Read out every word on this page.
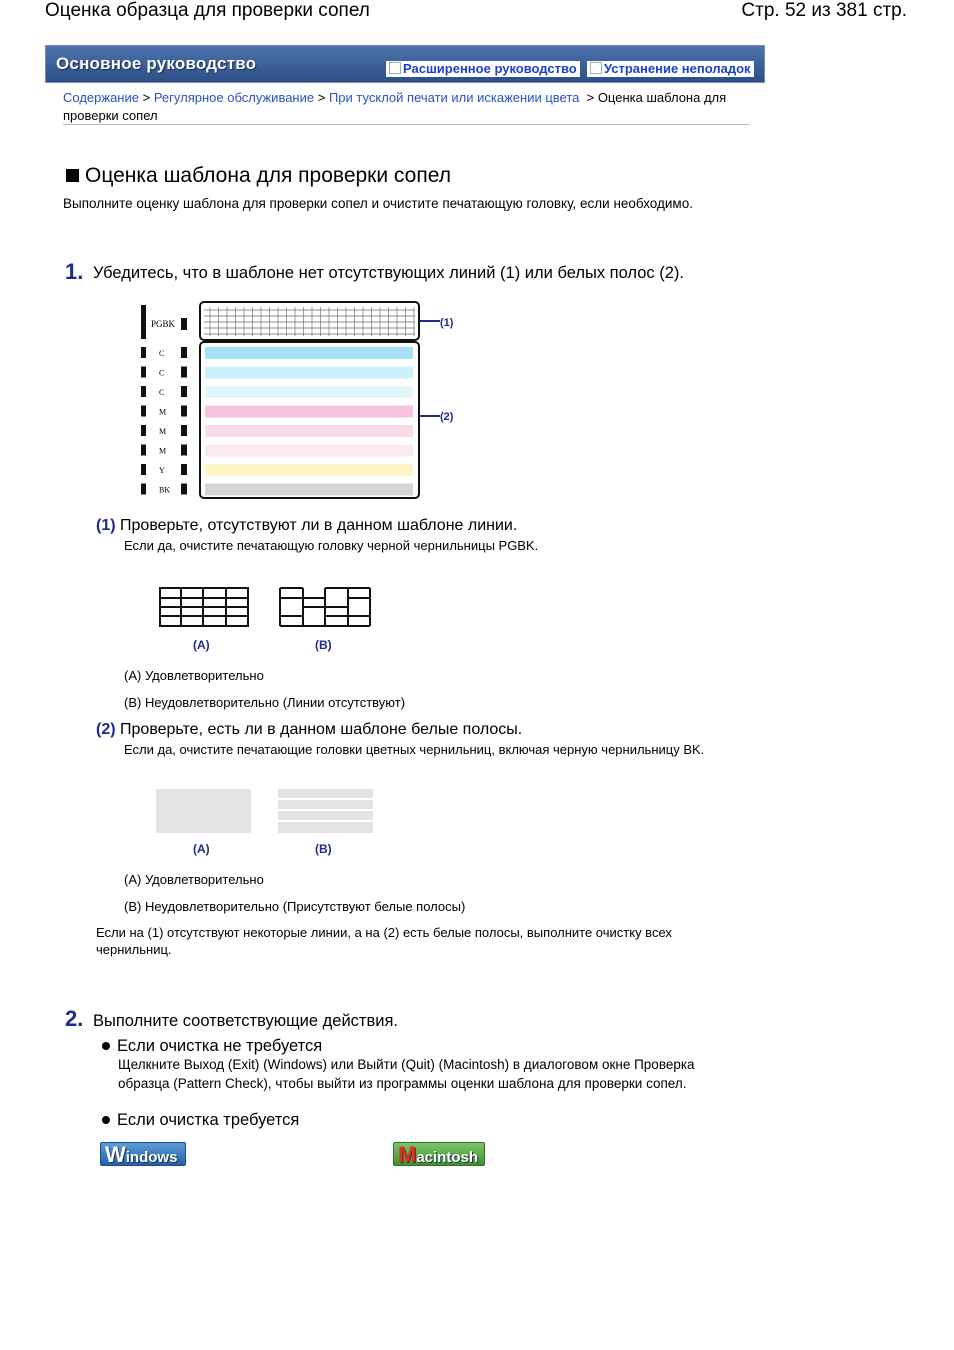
Оценка образца для проверки сопел	Стр. 52 из 381 стр.
Основное руководство	Расширенное руководство	Устранение неполадок
Содержание > Регулярное обслуживание > При тусклой печати или искажении цвета > Оценка шаблона для проверки сопел
Оценка шаблона для проверки сопел
Выполните оценку шаблона для проверки сопел и очистите печатающую головку, если необходимо.
1. Убедитесь, что в шаблоне нет отсутствующих линий (1) или белых полос (2).
PGBK
C
C
C
M
M
M
Y
BK
(1)
(2)
(1) Проверьте, отсутствуют ли в данном шаблоне линии.
Если да, очистите печатающую головку черной чернильницы PGBK.
(A)	(B)
(A) Удовлетворительно
(B) Неудовлетворительно (Линии отсутствуют)
(2) Проверьте, есть ли в данном шаблоне белые полосы.
Если да, очистите печатающие головки цветных чернильниц, включая черную чернильницу BK.
(A)	(B)
(A) Удовлетворительно
(B) Неудовлетворительно (Присутствуют белые полосы)
Если на (1) отсутствуют некоторые линии, а на (2) есть белые полосы, выполните очистку всех
чернильниц.
2. Выполните соответствующие действия.
Если очистка не требуется
Щелкните Выход (Exit) (Windows) или Выйти (Quit) (Macintosh) в диалоговом окне Проверка
образца (Pattern Check), чтобы выйти из программы оценки шаблона для проверки сопел.
Если очистка требуется
Windows	Macintosh
